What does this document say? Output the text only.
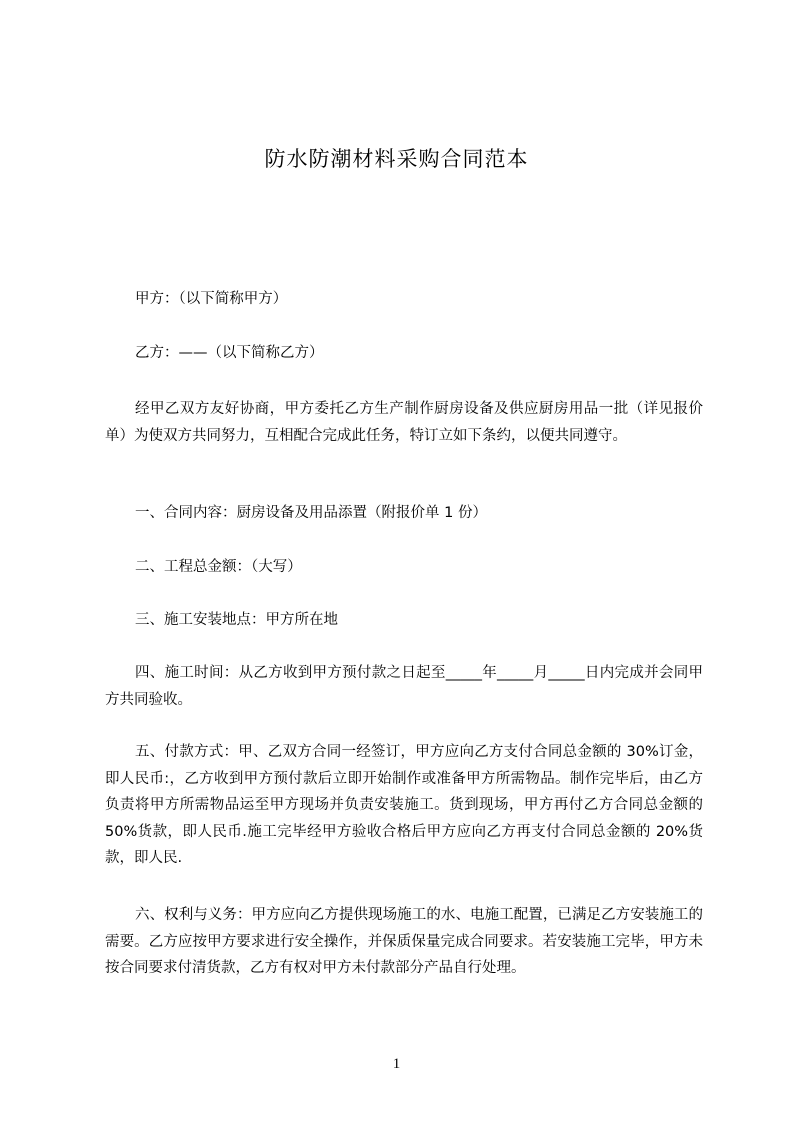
防水防潮材料采购合同范本
甲方：（以下简称甲方）
乙方：——（以下简称乙方）
经甲乙双方友好协商，甲方委托乙方生产制作厨房设备及供应厨房用品一批（详见报价单）为使双方共同努力，互相配合完成此任务，特订立如下条约，以便共同遵守。
一、合同内容：厨房设备及用品添置（附报价单 1 份）
二、工程总金额：（大写）
三、施工安装地点：甲方所在地
四、施工时间：从乙方收到甲方预付款之日起至_____年_____月_____日内完成并会同甲方共同验收。
五、付款方式：甲、乙双方合同一经签订，甲方应向乙方支付合同总金额的 30%订金，即人民币:，乙方收到甲方预付款后立即开始制作或准备甲方所需物品。制作完毕后，由乙方负责将甲方所需物品运至甲方现场并负责安装施工。货到现场，甲方再付乙方合同总金额的 50%货款，即人民币.施工完毕经甲方验收合格后甲方应向乙方再支付合同总金额的 20%货款，即人民.
六、权利与义务：甲方应向乙方提供现场施工的水、电施工配置，已满足乙方安装施工的需要。乙方应按甲方要求进行安全操作，并保质保量完成合同要求。若安装施工完毕，甲方未按合同要求付清货款，乙方有权对甲方未付款部分产品自行处理。
1
